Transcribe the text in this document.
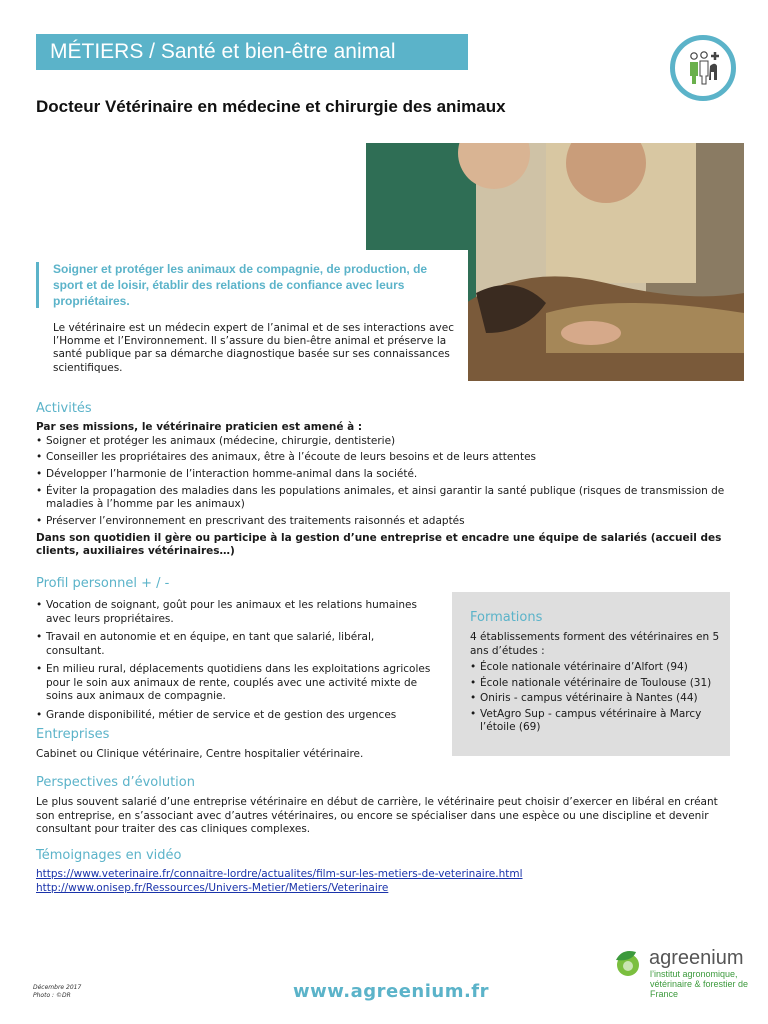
MÉTIERS / Santé et bien-être animal
Docteur Vétérinaire en médecine et chirurgie des animaux
Soigner et protéger les animaux de compagnie, de production, de sport et de loisir, établir des relations de confiance avec leurs propriétaires.
Le vétérinaire est un médecin expert de l’animal et de ses interactions avec l’Homme et l’Environnement. Il s’assure du bien-être animal et préserve la santé publique par sa démarche diagnostique basée sur ses connaissances scientifiques.
Activités
Par ses missions, le vétérinaire praticien est amené à :
• Soigner et protéger les animaux (médecine, chirurgie, dentisterie)
• Conseiller les propriétaires des animaux, être à l’écoute de leurs besoins et de leurs attentes
• Développer l’harmonie de l’interaction homme-animal dans la société.
• Éviter la propagation des maladies dans les populations animales, et ainsi garantir la santé publique (risques de transmission de maladies à l’homme par les animaux)
• Préserver l’environnement en prescrivant des traitements raisonnés et adaptés
Dans son quotidien il gère ou participe à la gestion d’une entreprise et encadre une équipe de salariés (accueil des clients, auxiliaires vétérinaires…)
Profil personnel + / -
• Vocation de soignant, goût pour les animaux et les relations humaines avec leurs propriétaires.
• Travail en autonomie et en équipe, en tant que salarié, libéral, consultant.
• En milieu rural, déplacements quotidiens dans les exploitations agricoles pour le soin aux animaux de rente, couplés avec une activité mixte de soins aux animaux de compagnie.
• Grande disponibilité, métier de service et de gestion des urgences
Formations
4 établissements forment des vétérinaires en 5 ans d’études :
• École nationale vétérinaire d’Alfort (94)
• École nationale vétérinaire de Toulouse (31)
• Oniris - campus vétérinaire à Nantes (44)
• VetAgro Sup - campus vétérinaire à Marcy l’étoile (69)
Entreprises
Cabinet ou Clinique vétérinaire, Centre hospitalier vétérinaire.
Perspectives d’évolution
Le plus souvent salarié d’une entreprise vétérinaire en début de carrière, le vétérinaire peut choisir d’exercer en libéral en créant son entreprise, en s’associant avec d’autres vétérinaires, ou encore se spécialiser dans une espèce ou une discipline et devenir consultant pour traiter des cas cliniques complexes.
Témoignages en vidéo
https://www.veterinaire.fr/connaitre-lordre/actualites/film-sur-les-metiers-de-veterinaire.html
http://www.onisep.fr/Ressources/Univers-Metier/Metiers/Veterinaire
Décembre 2017
Photo : ©DR	www.agreenium.fr
agreenium
l’institut agronomique, vétérinaire & forestier de France
